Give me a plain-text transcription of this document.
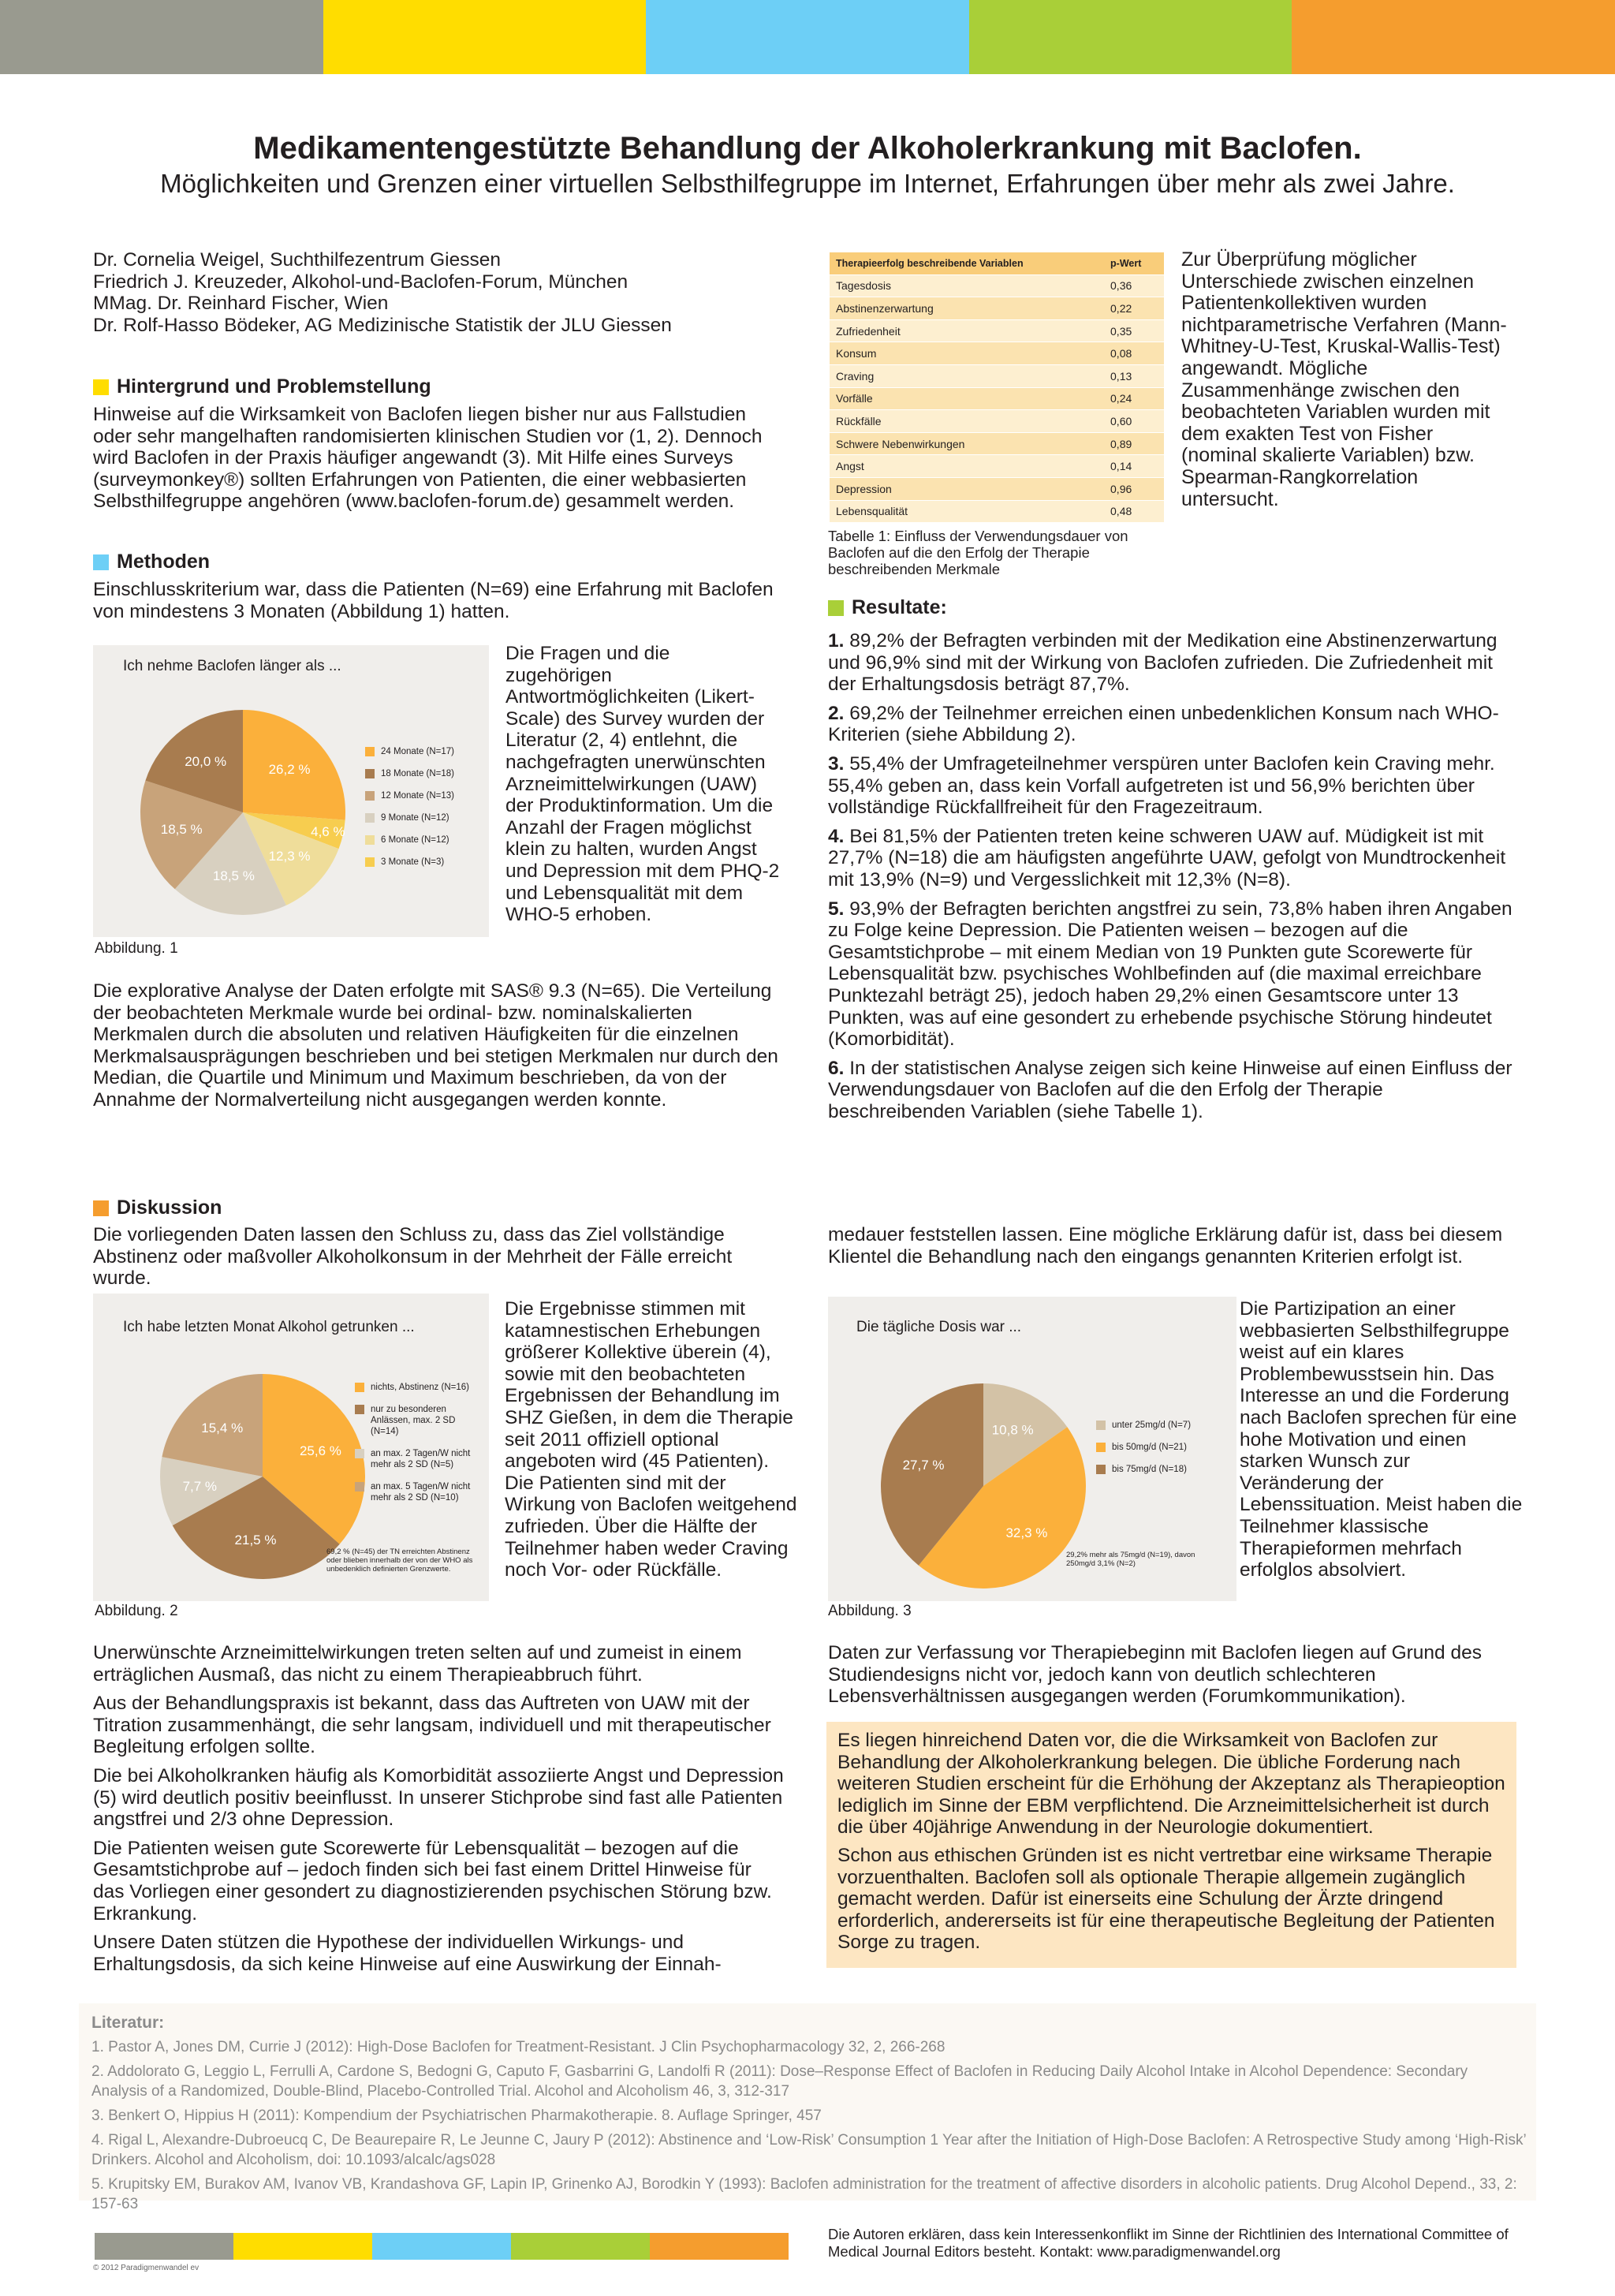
Medikamentengestützte Behandlung der Alkoholerkrankung mit Baclofen.
Möglichkeiten und Grenzen einer virtuellen Selbsthilfegruppe im Internet, Erfahrungen über mehr als zwei Jahre.
Dr. Cornelia Weigel, Suchthilfezentrum Giessen
Friedrich J. Kreuzeder, Alkohol-und-Baclofen-Forum, München
MMag. Dr. Reinhard Fischer, Wien
Dr. Rolf-Hasso Bödeker, AG Medizinische Statistik der JLU Giessen
Hintergrund und Problemstellung
Hinweise auf die Wirksamkeit von Baclofen liegen bisher nur aus Fallstudien oder sehr mangelhaften randomisierten klinischen Studien vor (1, 2). Dennoch wird Baclofen in der Praxis häufiger angewandt (3). Mit Hilfe eines Surveys (surveymonkey®) sollten Erfahrungen von Patienten, die einer webbasierten Selbsthilfegruppe angehören (www.baclofen-forum.de) gesammelt werden.
Methoden
Einschlusskriterium war, dass die Patienten (N=69) eine Erfahrung mit Baclofen von mindestens 3 Monaten (Abbildung 1) hatten.
Ich nehme Baclofen länger als ...
26,2 %
4,6 %
12,3 %
18,5 %
18,5 %
20,0 %
24 Monate (N=17)
18 Monate (N=18)
12 Monate (N=13)
9 Monate (N=12)
6 Monate (N=12)
3 Monate (N=3)
Abbildung. 1
Die Fragen und die zugehörigen Antwortmöglichkeiten (Likert-Scale) des Survey wurden der Literatur (2, 4) entlehnt, die nachgefragten unerwünschten Arzneimittelwirkungen (UAW) der Produktinformation. Um die Anzahl der Fragen möglichst klein zu halten, wurden Angst und Depression mit dem PHQ-2 und Lebensqualität mit dem WHO-5 erhoben.
Die explorative Analyse der Daten erfolgte mit SAS® 9.3 (N=65). Die Verteilung der beobachteten Merkmale wurde bei ordinal- bzw. nominalskalierten Merkmalen durch die absoluten und relativen Häufigkeiten für die einzelnen Merkmalsausprägungen beschrieben und bei stetigen Merkmalen nur durch den Median, die Quartile und Minimum und Maximum beschrieben, da von der Annahme der Normalverteilung nicht ausgegangen werden konnte.
Therapieerfolg beschreibende Variablen	p-Wert
Tagesdosis	0,36
Abstinenzerwartung	0,22
Zufriedenheit	0,35
Konsum	0,08
Craving	0,13
Vorfälle	0,24
Rückfälle	0,60
Schwere Nebenwirkungen	0,89
Angst	0,14
Depression	0,96
Lebensqualität	0,48
Tabelle 1: Einfluss der Verwendungsdauer von Baclofen auf die den Erfolg der Therapie beschreibenden Merkmale
Zur Überprüfung möglicher Unterschiede zwischen einzelnen Patientenkollektiven wurden nichtparametrische Verfahren (Mann-Whitney-U-Test, Kruskal-Wallis-Test) angewandt. Mögliche Zusammenhänge zwischen den beobachteten Variablen wurden mit dem exakten Test von Fisher (nominal skalierte Variablen) bzw. Spearman-Rangkorrelation untersucht.
Resultate:

1. 89,2% der Befragten verbinden mit der Medikation eine Abstinenzerwartung und 96,9% sind mit der Wirkung von Baclofen zufrieden. Die Zufriedenheit mit der Erhaltungsdosis beträgt 87,7%.

2. 69,2% der Teilnehmer erreichen einen unbedenklichen Konsum nach WHO-Kriterien (siehe Abbildung 2).

3. 55,4% der Umfrageteilnehmer verspüren unter Baclofen kein Craving mehr. 55,4% geben an, dass kein Vorfall aufgetreten ist und 56,9% berichten über vollständige Rückfallfreiheit für den Fragezeitraum.

4. Bei 81,5% der Patienten treten keine schweren UAW auf. Müdigkeit ist mit 27,7% (N=18) die am häufigsten angeführte UAW, gefolgt von Mundtrockenheit mit 13,9% (N=9) und Vergesslichkeit mit 12,3% (N=8).

5. 93,9% der Befragten berichten angstfrei zu sein, 73,8% haben ihren Angaben zu Folge keine Depression. Die Patienten weisen – bezogen auf die Gesamtstichprobe – mit einem Median von 19 Punkten gute Scorewerte für Lebensqualität bzw. psychisches Wohlbefinden auf (die maximal erreichbare Punktezahl beträgt 25), jedoch haben 29,2% einen Gesamtscore unter 13 Punkten, was auf eine gesondert zu erhebende psychische Störung hindeutet (Komorbidität).

6. In der statistischen Analyse zeigen sich keine Hinweise auf einen Einfluss der Verwendungsdauer von Baclofen auf die den Erfolg der Therapie beschreibenden Variablen (siehe Tabelle 1).

Diskussion
Die vorliegenden Daten lassen den Schluss zu, dass das Ziel vollständige Abstinenz oder maßvoller Alkoholkonsum in der Mehrheit der Fälle erreicht wurde.
Ich habe letzten Monat Alkohol getrunken ...
25,6 %
21,5 %
7,7 %
15,4 %
nichts, Abstinenz (N=16)
nur zu besonderen Anlässen, max. 2 SD (N=14)
an max. 2 Tagen/W nicht mehr als 2 SD (N=5)
an max. 5 Tagen/W nicht mehr als 2 SD (N=10)
69,2 % (N=45) der TN erreichten Abstinenz oder blieben innerhalb der von der WHO als unbedenklich definierten Grenzwerte.
Abbildung. 2
Die Ergebnisse stimmen mit katamnestischen Erhebungen größerer Kollektive überein (4), sowie mit den beobachteten Ergebnissen der Behandlung im SHZ Gießen, in dem die Therapie seit 2011 offiziell optional angeboten wird (45 Patienten). Die Patienten sind mit der Wirkung von Baclofen weitgehend zufrieden. Über die Hälfte der Teilnehmer haben weder Craving noch Vor- oder Rückfälle.

Unerwünschte Arzneimittelwirkungen treten selten auf und zumeist in einem erträglichen Ausmaß, das nicht zu einem Therapieabbruch führt.

Aus der Behandlungspraxis ist bekannt, dass das Auftreten von UAW mit der Titration zusammenhängt, die sehr langsam, individuell und mit therapeutischer Begleitung erfolgen sollte.

Die bei Alkoholkranken häufig als Komorbidität assoziierte Angst und Depression (5) wird deutlich positiv beeinflusst. In unserer Stichprobe sind fast alle Patienten angstfrei und 2/3 ohne Depression.

Die Patienten weisen gute Scorewerte für Lebensqualität – bezogen auf die Gesamtstichprobe auf – jedoch finden sich bei fast einem Drittel Hinweise für das Vorliegen einer gesondert zu diagnostizierenden psychischen Störung bzw. Erkrankung.

Unsere Daten stützen die Hypothese der individuellen Wirkungs- und Erhaltungsdosis, da sich keine Hinweise auf eine Auswirkung der Einnah-

medauer feststellen lassen. Eine mögliche Erklärung dafür ist, dass bei diesem Klientel die Behandlung nach den eingangs genannten Kriterien erfolgt ist.
Die tägliche Dosis war ...
10,8 %
32,3 %
27,7 %
unter 25mg/d (N=7)
bis 50mg/d (N=21)
bis 75mg/d (N=18)
29,2% mehr als 75mg/d (N=19), davon 250mg/d 3,1% (N=2)
Abbildung. 3
Die Partizipation an einer webbasierten Selbsthilfegruppe weist auf ein klares Problembewusstsein hin. Das Interesse an und die Forderung nach Baclofen sprechen für eine hohe Motivation und einen starken Wunsch zur Veränderung der Lebenssituation. Meist haben die Teilnehmer klassische Therapieformen mehrfach erfolglos absolviert.
Daten zur Verfassung vor Therapiebeginn mit Baclofen liegen auf Grund des Studiendesigns nicht vor, jedoch kann von deutlich schlechteren Lebensverhältnissen ausgegangen werden (Forumkommunikation).

Es liegen hinreichend Daten vor, die die Wirksamkeit von Baclofen zur Behandlung der Alkoholerkrankung belegen. Die übliche Forderung nach weiteren Studien erscheint für die Erhöhung der Akzeptanz als Therapieoption lediglich im Sinne der EBM verpflichtend. Die Arzneimittelsicherheit ist durch die über 40jährige Anwendung in der Neurologie dokumentiert.

Schon aus ethischen Gründen ist es nicht vertretbar eine wirksame Therapie vorzuenthalten. Baclofen soll als optionale Therapie allgemein zugänglich gemacht werden. Dafür ist einerseits eine Schulung der Ärzte dringend erforderlich, andererseits ist für eine therapeutische Begleitung der Patienten Sorge zu tragen.

Literatur:

1. Pastor A, Jones DM, Currie J (2012): High-Dose Baclofen for Treatment-Resistant. J Clin Psychopharmacology 32, 2, 266-268

2. Addolorato G, Leggio L, Ferrulli A, Cardone S, Bedogni G, Caputo F, Gasbarrini G, Landolfi R (2011): Dose–Response Effect of Baclofen in Reducing Daily Alcohol Intake in Alcohol Dependence: Secondary Analysis of a Randomized, Double-Blind, Placebo-Controlled Trial. Alcohol and Alcoholism 46, 3, 312-317

3. Benkert O, Hippius H (2011): Kompendium der Psychiatrischen Pharmakotherapie. 8. Auflage Springer, 457

4. Rigal L, Alexandre-Dubroeucq C, De Beaurepaire R, Le Jeunne C, Jaury P (2012): Abstinence and ‘Low-Risk’ Consumption 1 Year after the Initiation of High-Dose Baclofen: A Retrospective Study among ‘High-Risk’ Drinkers. Alcohol and Alcoholism, doi: 10.1093/alcalc/ags028

5. Krupitsky EM, Burakov AM, Ivanov VB, Krandashova GF, Lapin IP, Grinenko AJ, Borodkin Y (1993): Baclofen administration for the treatment of affective disorders in alcoholic patients. Drug Alcohol Depend., 33, 2: 157-63

© 2012 Paradigmenwandel ev
Die Autoren erklären, dass kein Interessenkonflikt im Sinne der Richtlinien des International Committee of Medical Journal Editors besteht. Kontakt: www.paradigmenwandel.org
